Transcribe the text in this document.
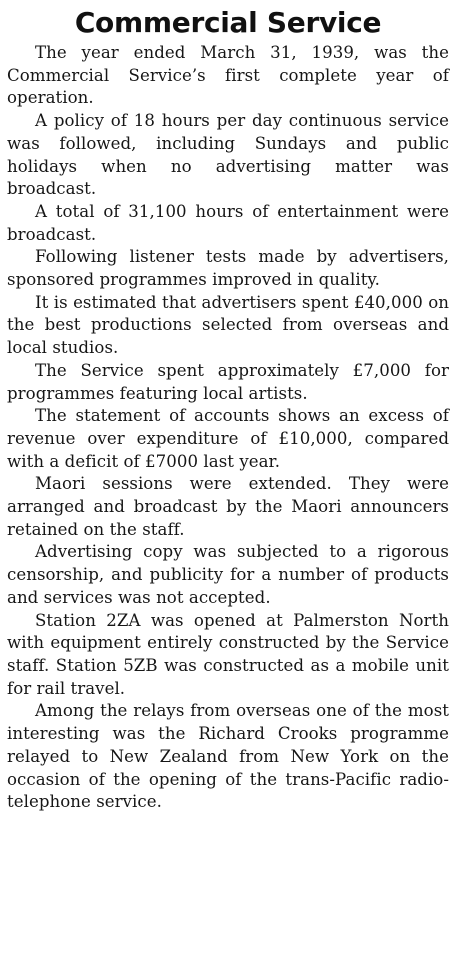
Commercial Service

The year ended March 31, 1939, was the Commercial Service’s first complete year of operation.

A policy of 18 hours per day continuous service was followed, including Sundays and public holidays when no advertising matter was broadcast.

A total of 31,100 hours of entertainment were broadcast.

Following listener tests made by advertisers, sponsored programmes improved in quality.

It is estimated that advertisers spent £40,000 on the best productions selected from overseas and local studios.

The Service spent approximately £7,000 for programmes featuring local artists.

The statement of accounts shows an excess of revenue over expenditure of £10,000, compared with a deficit of £7000 last year.

Maori sessions were extended. They were arranged and broadcast by the Maori announcers retained on the staff.

Advertising copy was subjected to a rigorous censorship, and publicity for a number of products and services was not accepted.

Station 2ZA was opened at Palmerston North with equipment entirely constructed by the Service staff. Station 5ZB was constructed as a mobile unit for rail travel.

Among the relays from overseas one of the most interesting was the Richard Crooks programme relayed to New Zealand from New York on the occasion of the opening of the trans-Pacific radio-telephone service.
